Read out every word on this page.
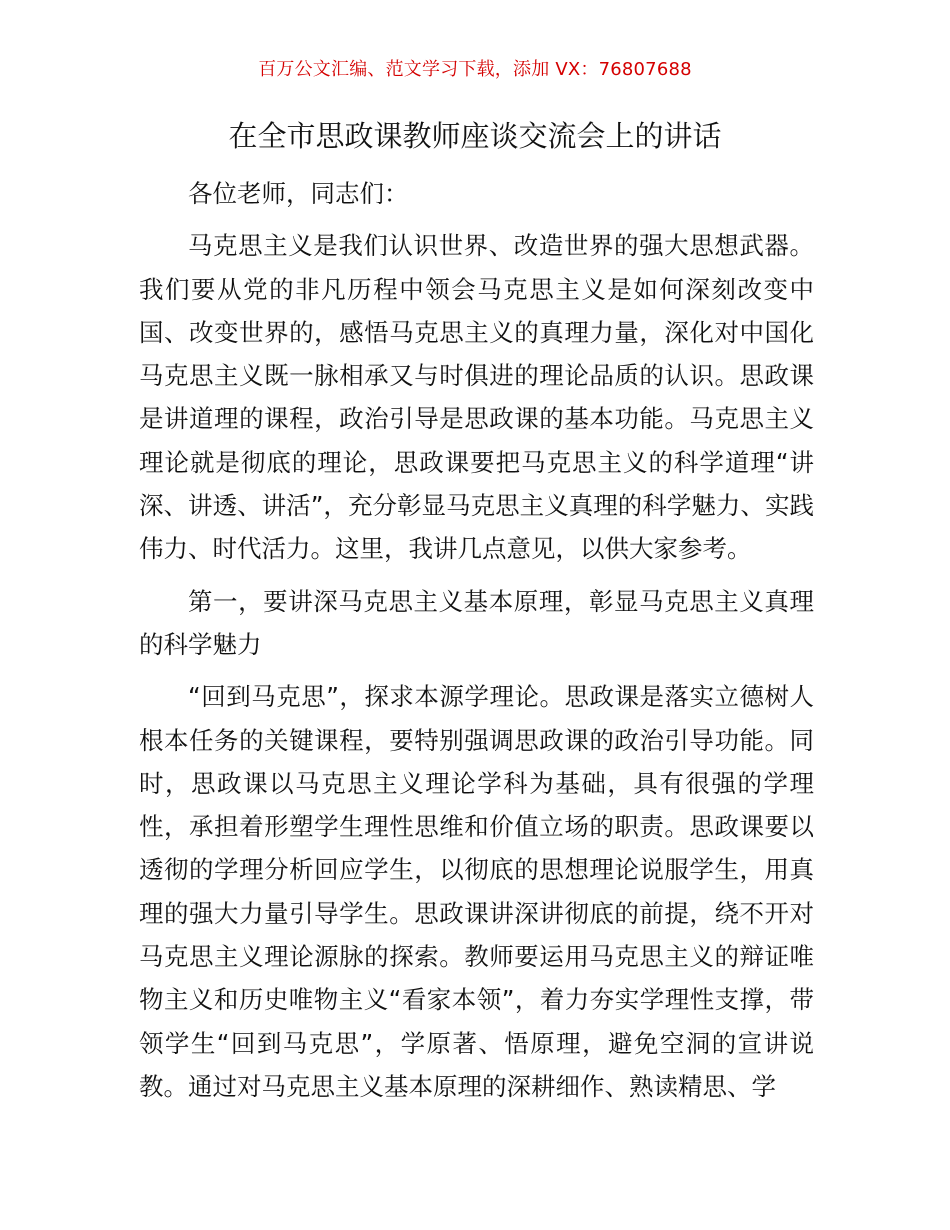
百万公文汇编、范文学习下载，添加 VX：76807688
在全市思政课教师座谈交流会上的讲话

各位老师，同志们：

马克思主义是我们认识世界、改造世界的强大思想武器。我们要从党的非凡历程中领会马克思主义是如何深刻改变中国、改变世界的，感悟马克思主义的真理力量，深化对中国化马克思主义既一脉相承又与时俱进的理论品质的认识。思政课是讲道理的课程，政治引导是思政课的基本功能。马克思主义理论就是彻底的理论，思政课要把马克思主义的科学道理“讲深、讲透、讲活”，充分彰显马克思主义真理的科学魅力、实践伟力、时代活力。这里，我讲几点意见，以供大家参考。

第一，要讲深马克思主义基本原理，彰显马克思主义真理的科学魅力

“回到马克思”，探求本源学理论。思政课是落实立德树人根本任务的关键课程，要特别强调思政课的政治引导功能。同时，思政课以马克思主义理论学科为基础，具有很强的学理性，承担着形塑学生理性思维和价值立场的职责。思政课要以透彻的学理分析回应学生，以彻底的思想理论说服学生，用真理的强大力量引导学生。思政课讲深讲彻底的前提，绕不开对马克思主义理论源脉的探索。教师要运用马克思主义的辩证唯物主义和历史唯物主义“看家本领”，着力夯实学理性支撑，带领学生“回到马克思”，学原著、悟原理，避免空洞的宣讲说教。通过对马克思主义基本原理的深耕细作、熟读精思、学
